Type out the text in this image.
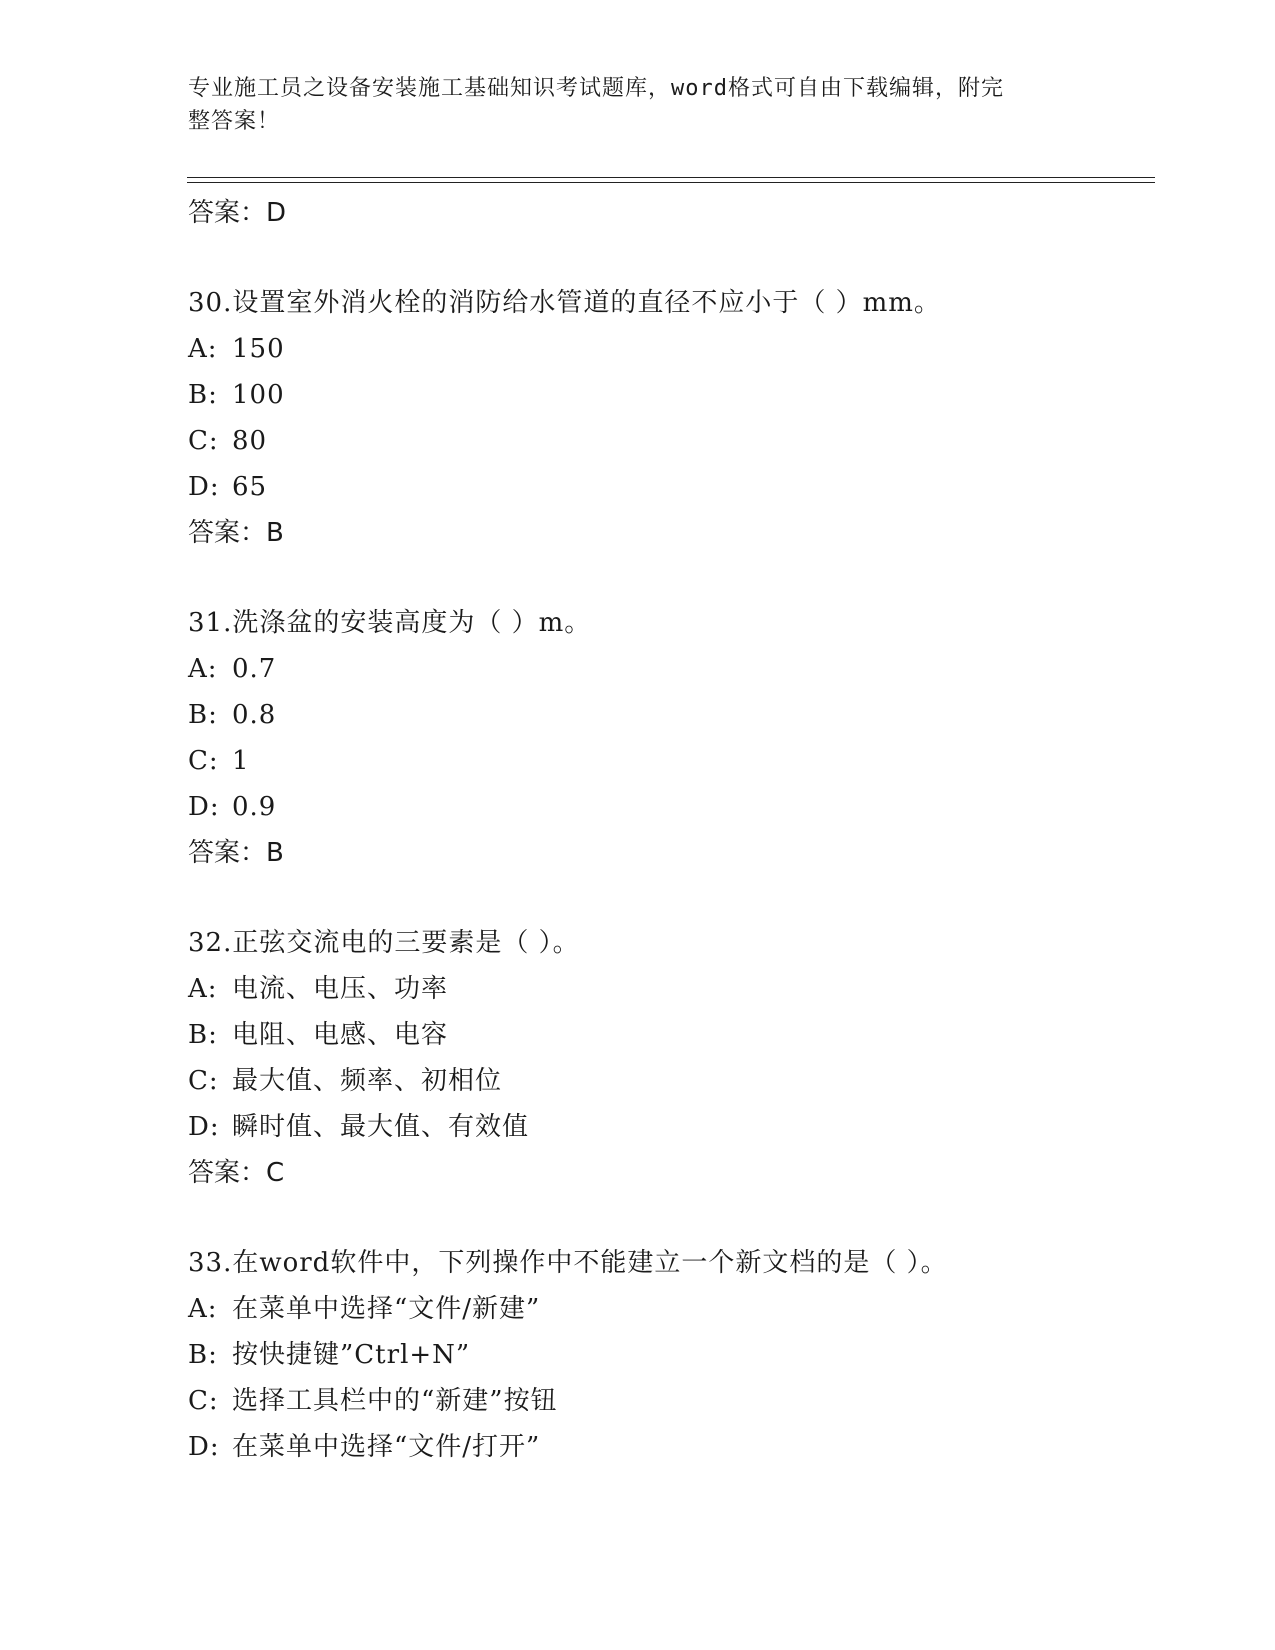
专业施工员之设备安装施工基础知识考试题库，word格式可自由下载编辑，附完
整答案！
答案：D
30.设置室外消火栓的消防给水管道的直径不应小于（ ）mm。
A: 150
B: 100
C: 80
D: 65
答案：B
31.洗涤盆的安装高度为（ ）m。
A: 0.7
B: 0.8
C: 1
D: 0.9
答案：B
32.正弦交流电的三要素是（ ）。
A: 电流、电压、功率
B: 电阻、电感、电容
C: 最大值、频率、初相位
D: 瞬时值、最大值、有效值
答案：C
33.在word软件中，下列操作中不能建立一个新文档的是（ ）。
A: 在菜单中选择“文件/新建”
B: 按快捷键”Ctrl+N”
C: 选择工具栏中的“新建”按钮
D: 在菜单中选择“文件/打开”
